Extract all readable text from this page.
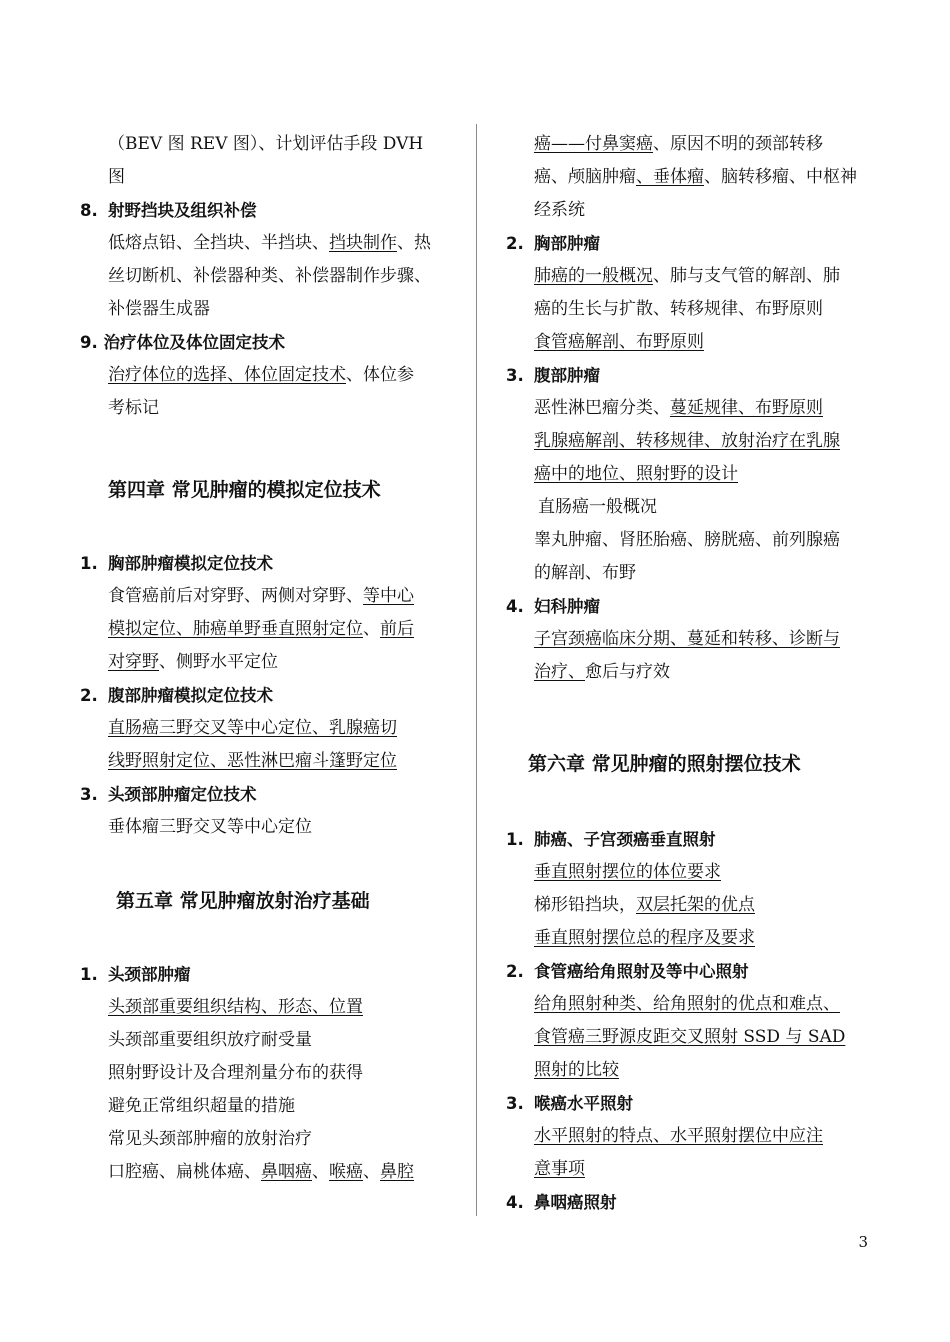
（BEV 图 REV 图）、计划评估手段 DVH
图
8. 射野挡块及组织补偿
低熔点铅、全挡块、半挡块、挡块制作、热
丝切断机、补偿器种类、补偿器制作步骤、
补偿器生成器
9. 治疗体位及体位固定技术
治疗体位的选择、体位固定技术、体位参
考标记
第四章 常见肿瘤的模拟定位技术
1. 胸部肿瘤模拟定位技术
食管癌前后对穿野、两侧对穿野、等中心
模拟定位、肺癌单野垂直照射定位、前后
对穿野、侧野水平定位
2. 腹部肿瘤模拟定位技术
直肠癌三野交叉等中心定位、乳腺癌切
线野照射定位、恶性淋巴瘤斗篷野定位
3. 头颈部肿瘤定位技术
垂体瘤三野交叉等中心定位
第五章 常见肿瘤放射治疗基础
1. 头颈部肿瘤
头颈部重要组织结构、形态、位置
头颈部重要组织放疗耐受量
照射野设计及合理剂量分布的获得
避免正常组织超量的措施
常见头颈部肿瘤的放射治疗
口腔癌、扁桃体癌、鼻咽癌、喉癌、鼻腔
癌——付鼻窦癌、原因不明的颈部转移
癌、颅脑肿瘤、垂体瘤、脑转移瘤、中枢神
经系统
2. 胸部肿瘤
肺癌的一般概况、肺与支气管的解剖、肺
癌的生长与扩散、转移规律、布野原则
食管癌解剖、布野原则
3. 腹部肿瘤
恶性淋巴瘤分类、蔓延规律、布野原则
乳腺癌解剖、转移规律、放射治疗在乳腺
癌中的地位、照射野的设计
直肠癌一般概况
睾丸肿瘤、肾胚胎癌、膀胱癌、前列腺癌
的解剖、布野
4. 妇科肿瘤
子宫颈癌临床分期、蔓延和转移、诊断与
治疗、愈后与疗效
第六章 常见肿瘤的照射摆位技术
1. 肺癌、子宫颈癌垂直照射
垂直照射摆位的体位要求
梯形铅挡块，双层托架的优点
垂直照射摆位总的程序及要求
2. 食管癌给角照射及等中心照射
给角照射种类、给角照射的优点和难点、
食管癌三野源皮距交叉照射 SSD 与 SAD
照射的比较
3. 喉癌水平照射
水平照射的特点、水平照射摆位中应注
意事项
4. 鼻咽癌照射
3
